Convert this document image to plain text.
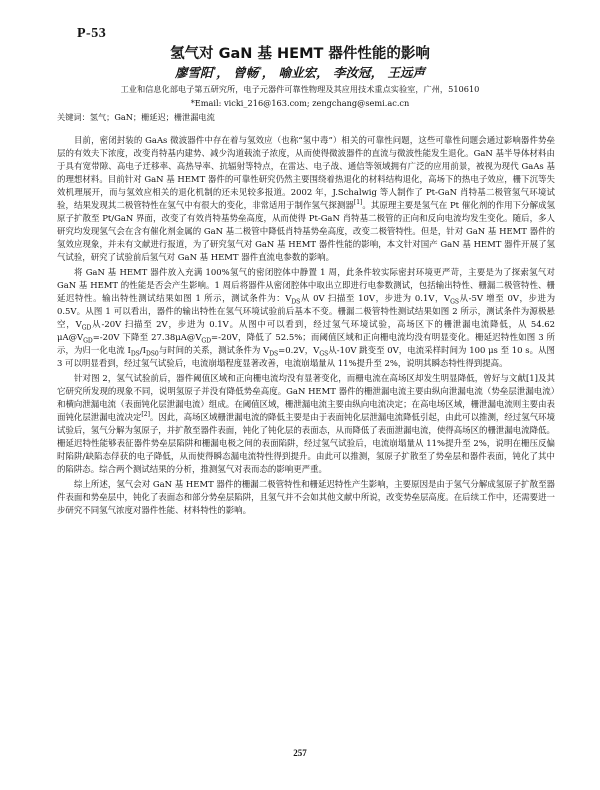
P-53
氢气对 GaN 基 HEMT 器件性能的影响
廖雪阳*， 曾畅*， 喻业宏， 李汝冠， 王远声
工业和信息化部电子第五研究所，电子元器件可靠性物理及其应用技术重点实验室，广州，510610
*Email: vicki_216@163.com; zengchang@semi.ac.cn
关键词：氢气；GaN；栅延迟；栅泄漏电流

目前，密闭封装的 GaAs 微波器件中存在着与氢效应（也称“氢中毒”）相关的可靠性问题，这些可靠性问题会通过影响器件势垒层的有效夫下浓度，改变肖特基内建势、减少沟道载流子浓度，从而使得微波器件的直流与微波性能发生退化。GaN 基半导体材料由于具有宽带隙、高电子迁移率、高热导率、抗辐射等特点，在雷达、电子战、通信等领域拥有广泛的应用前景，被视为现代 GaAs 基的理想材料。目前针对 GaN 基 HEMT 器件的可靠性研究仍然主要围绕着热退化的材料结构退化，高场下的热电子效应，栅下沉等失效机理展开，而与氢效应相关的退化机制的还未见较多报道。2002 年，J.Schalwig 等人制作了 Pt-GaN 肖特基二极管氢气环境试验，结果发现其二极管特性在氢气中有很大的变化，非常适用于制作氢气探测器[1]。其原理主要是氢气在 Pt 催化剂的作用下分解成氢原子扩散至 Pt/GaN 界面，改变了有效肖特基势垒高度，从而使得 Pt-GaN 肖特基二极管的正向和反向电流均发生变化。随后，多人研究均发现氢气会在含有催化剂金属的 GaN 基二极管中降低肖特基势垒高度，改变二极管特性。但是，针对 GaN 基 HEMT 器件的氢效应现象，并未有文献进行报道，为了研究氢气对 GaN 基 HEMT 器件性能的影响，本文针对国产 GaN 基 HEMT 器件开展了氢气试验，研究了试验前后氢气对 GaN 基 HEMT 器件直流电参数的影响。

将 GaN 基 HEMT 器件放入充满 100%氢气的密闭腔体中静置 1 周，此条件较实际密封环境更严苛，主要是为了探索氢气对 GaN 基 HEMT 的性能是否会产生影响。1 周后将器件从密闭腔体中取出立即进行电参数测试，包括输出特性、栅漏二极管特性、栅延迟特性。输出特性测试结果如图 1 所示，测试条件为：$V_{DS}$从 0V 扫描至 10V，步进为 0.1V，$V_{GS}$从-5V 增至 0V，步进为 0.5V。从图 1 可以看出，器件的输出特性在氢气环境试验前后基本不变。栅漏二极管特性测试结果如图 2 所示，测试条件为源极悬空，$V_{GD}$从-20V 扫描至 2V，步进为 0.1V。从图中可以看到，经过氢气环境试验，高场区下的栅泄漏电流降低，从 54.62 $\mu A@V_{GD}=-20V$ 下降至 $27.38\mu A@V_{GD}=-20V$，降低了 52.5%；而阈值区域和正向栅电流均没有明显变化。栅延迟特性如图 3 所示，为归一化电流 $I_{DS}/I_{DS0}$与时间的关系，测试条件为 $V_{DS}=0.2V$，$V_{GS}$从-10V 跳变至 0V，电流采样时间为 100 μs 至 10 s。从图 3 可以明显看到，经过氢气试验后，电流崩塌程度显著改善，电流崩塌量从 11%提升至 2%，说明其瞬态特性得到提高。

针对图 2，氢气试验前后，器件阈值区域和正向栅电流均没有显著变化，而栅电流在高场区却发生明显降低，曾好与文献[1]及其它研究所发现的现象不同，说明氢原子并没有降低势垒高度。GaN HEMT 器件的栅泄漏电流主要由纵向泄漏电流（势垒层泄漏电流）和横向泄漏电流（表面钝化层泄漏电流）组成。在阈值区域，栅泄漏电流主要由纵向电流决定；在高电场区域，栅泄漏电流则主要由表面钝化层泄漏电流决定[2]。因此，高场区域栅泄漏电流的降低主要是由于表面钝化层泄漏电流降低引起，由此可以推测，经过氢气环境试验后，氢气分解为氢原子，并扩散至器件表面，钝化了钝化层的表面态，从而降低了表面泄漏电流，使得高场区的栅泄漏电流降低。栅延迟特性能够表征器件势垒层陷阱和栅漏电极之间的表面陷阱，经过氢气试验后，电流崩塌量从 11%提升至 2%，说明在栅压反偏时陷阱/缺陷态俘获的电子降低，从而使得瞬态漏电流特性得到提升。由此可以推测，氢原子扩散至了势垒层和器件表面，钝化了其中的陷阱态。综合两个测试结果的分析，推测氢气对表而态的影响更严重。

综上所述，氢气会对 GaN 基 HEMT 器件的栅漏二极管特性和栅延迟特性产生影响，主要原因是由于氢气分解成氢原子扩散至器件表面和势垒层中，钝化了表面态和部分势垒层陷阱，且氢气并不会如其他文献中所说，改变势垒层高度。在后续工作中，还需要进一步研究不同氢气浓度对器件性能、材料特性的影响。

257
